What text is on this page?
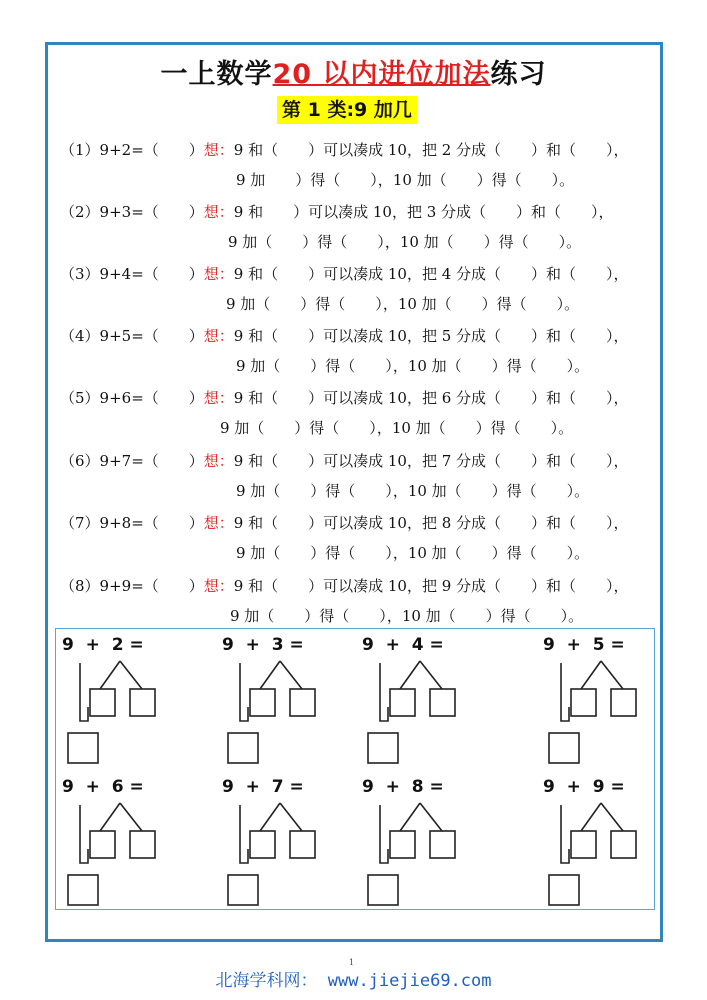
一上数学20 以内进位加法练习
第 1 类:9 加几
（1）9+2=（　　）想：9 和（　　）可以凑成 10，把 2 分成（　　）和（　　），
9 加　　）得（　　），10 加（　　）得（　　）。
（2）9+3=（　　）想：9 和　　）可以凑成 10，把 3 分成（　　）和（　　），
9 加（　　）得（　　），10 加（　　）得（　　）。
（3）9+4=（　　）想：9 和（　　）可以凑成 10，把 4 分成（　　）和（　　），
9 加（　　）得（　　），10 加（　　）得（　　）。
（4）9+5=（　　）想：9 和（　　）可以凑成 10，把 5 分成（　　）和（　　），
9 加（　　）得（　　），10 加（　　）得（　　）。
（5）9+6=（　　）想：9 和（　　）可以凑成 10，把 6 分成（　　）和（　　），
9 加（　　）得（　　），10 加（　　）得（　　）。
（6）9+7=（　　）想：9 和（　　）可以凑成 10，把 7 分成（　　）和（　　），
9 加（　　）得（　　），10 加（　　）得（　　）。
（7）9+8=（　　）想：9 和（　　）可以凑成 10，把 8 分成（　　）和（　　），
9 加（　　）得（　　），10 加（　　）得（　　）。
（8）9+9=（　　）想：9 和（　　）可以凑成 10，把 9 分成（　　）和（　　），
9 加（　　）得（　　），10 加（　　）得（　　）。
9  +  2 =	9  +  3 =	9  +  4 =	9  +  5 =
9  +  6 =	9  +  7 =	9  +  8 =	9  +  9 =
1
北海学科网： www.jiejie69.com
